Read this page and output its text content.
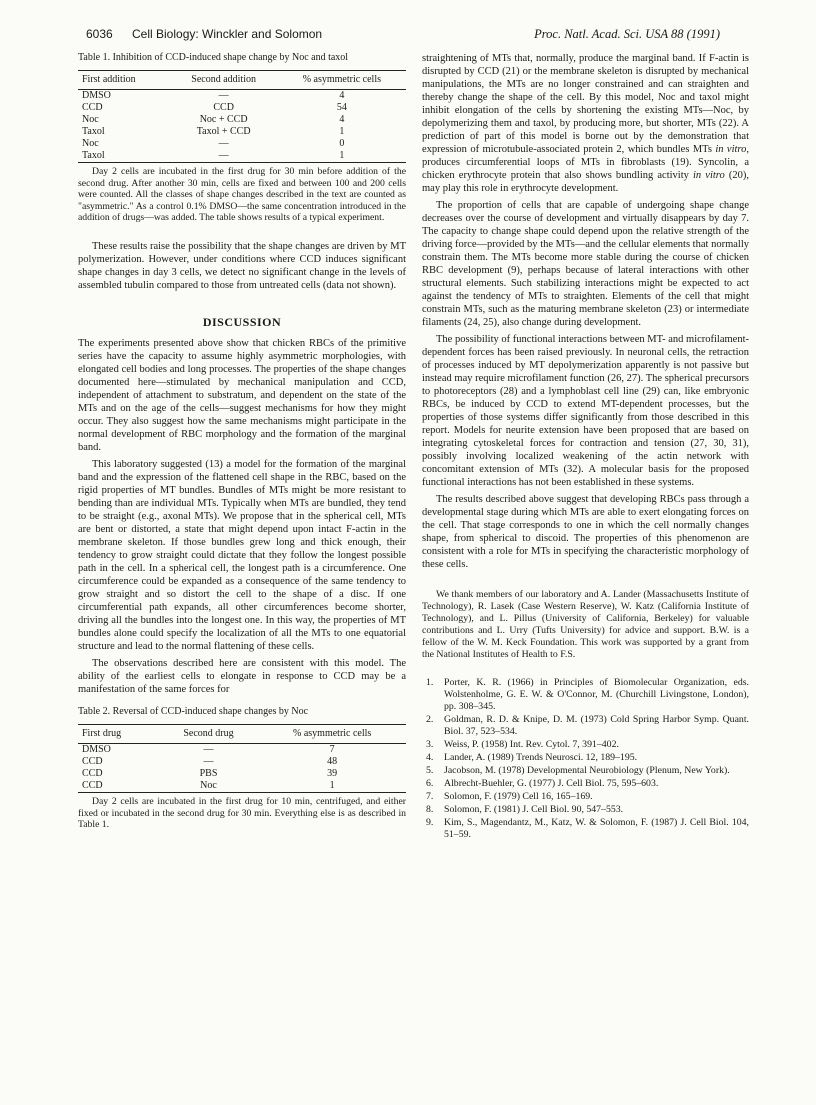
6036 Cell Biology: Winckler and Solomon	Proc. Natl. Acad. Sci. USA 88 (1991)
Table 1. Inhibition of CCD-induced shape change by Noc and taxol
First addition	Second addition	% asymmetric cells
DMSO	—	4
CCD	CCD	54
Noc	Noc + CCD	4
Taxol	Taxol + CCD	1
Noc	—	0
Taxol	—	1

Day 2 cells are incubated in the first drug for 30 min before addition of the second drug. After another 30 min, cells are fixed and between 100 and 200 cells were counted. All the classes of shape changes described in the text are counted as "asymmetric." As a control 0.1% DMSO—the same concentration introduced in the addition of drugs—was added. The table shows results of a typical experiment.

These results raise the possibility that the shape changes are driven by MT polymerization. However, under conditions where CCD induces significant shape changes in day 3 cells, we detect no significant change in the levels of assembled tubulin compared to those from untreated cells (data not shown).

DISCUSSION

The experiments presented above show that chicken RBCs of the primitive series have the capacity to assume highly asymmetric morphologies, with elongated cell bodies and long processes. The properties of the shape changes documented here—stimulated by mechanical manipulation and CCD, independent of attachment to substratum, and dependent on the state of the MTs and on the age of the cells—suggest mechanisms for how they might occur. They also suggest how the same mechanisms might participate in the normal development of RBC morphology and the formation of the marginal band.

This laboratory suggested (13) a model for the formation of the marginal band and the expression of the flattened cell shape in the RBC, based on the rigid properties of MT bundles. Bundles of MTs might be more resistant to bending than are individual MTs. Typically when MTs are bundled, they tend to be straight (e.g., axonal MTs). We propose that in the spherical cell, MTs are bent or distorted, a state that might depend upon intact F-actin in the membrane skeleton. If those bundles grew long and thick enough, their tendency to grow straight could dictate that they follow the longest possible path in the cell. In a spherical cell, the longest path is a circumference. One circumference could be expanded as a consequence of the same tendency to grow straight and so distort the cell to the shape of a disc. If one circumferential path expands, all other circumferences become shorter, driving all the bundles into the longest one. In this way, the properties of MT bundles alone could specify the localization of all the MTs to one equatorial structure and lead to the normal flattening of these cells.

The observations described here are consistent with this model. The ability of the earliest cells to elongate in response to CCD may be a manifestation of the same forces for

Table 2. Reversal of CCD-induced shape changes by Noc
First drug	Second drug	% asymmetric cells
DMSO	—	7
CCD	—	48
CCD	PBS	39
CCD	Noc	1

Day 2 cells are incubated in the first drug for 10 min, centrifuged, and either fixed or incubated in the second drug for 30 min. Everything else is as described in Table 1.

straightening of MTs that, normally, produce the marginal band. If F-actin is disrupted by CCD (21) or the membrane skeleton is disrupted by mechanical manipulations, the MTs are no longer constrained and can straighten and thereby change the shape of the cell. By this model, Noc and taxol might inhibit elongation of the cells by shortening the existing MTs—Noc, by depolymerizing them and taxol, by producing more, but shorter, MTs (22). A prediction of part of this model is borne out by the demonstration that expression of microtubule-associated protein 2, which bundles MTs in vitro, produces circumferential loops of MTs in fibroblasts (19). Syncolin, a chicken erythrocyte protein that also shows bundling activity in vitro (20), may play this role in erythrocyte development.

The proportion of cells that are capable of undergoing shape change decreases over the course of development and virtually disappears by day 7. The capacity to change shape could depend upon the relative strength of the driving force—provided by the MTs—and the cellular elements that normally constrain them. The MTs become more stable during the course of chicken RBC development (9), perhaps because of lateral interactions with other structural elements. Such stabilizing interactions might be expected to act against the tendency of MTs to straighten. Elements of the cell that might constrain MTs, such as the maturing membrane skeleton (23) or intermediate filaments (24, 25), also change during development.

The possibility of functional interactions between MT- and microfilament-dependent forces has been raised previously. In neuronal cells, the retraction of processes induced by MT depolymerization apparently is not passive but instead may require microfilament function (26, 27). The spherical precursors to photoreceptors (28) and a lymphoblast cell line (29) can, like embryonic RBCs, be induced by CCD to extend MT-dependent processes, but the properties of those systems differ significantly from those described in this report. Models for neurite extension have been proposed that are based on integrating cytoskeletal forces for contraction and tension (27, 30, 31), possibly involving localized weakening of the actin network with concomitant extension of MTs (32). A molecular basis for the proposed functional interactions has not been established in these systems.

The results described above suggest that developing RBCs pass through a developmental stage during which MTs are able to exert elongating forces on the cell. That stage corresponds to one in which the cell normally changes shape, from spherical to discoid. The properties of this phenomenon are consistent with a role for MTs in specifying the characteristic morphology of these cells.

We thank members of our laboratory and A. Lander (Massachusetts Institute of Technology), R. Lasek (Case Western Reserve), W. Katz (California Institute of Technology), and L. Pillus (University of California, Berkeley) for valuable contributions and L. Urry (Tufts University) for advice and support. B.W. is a fellow of the W. M. Keck Foundation. This work was supported by a grant from the National Institutes of Health to F.S.

1. Porter, K. R. (1966) in Principles of Biomolecular Organization, eds. Wolstenholme, G. E. W. & O'Connor, M. (Churchill Livingstone, London), pp. 308–345.
2. Goldman, R. D. & Knipe, D. M. (1973) Cold Spring Harbor Symp. Quant. Biol. 37, 523–534.
3. Weiss, P. (1958) Int. Rev. Cytol. 7, 391–402.
4. Lander, A. (1989) Trends Neurosci. 12, 189–195.
5. Jacobson, M. (1978) Developmental Neurobiology (Plenum, New York).
6. Albrecht-Buehler, G. (1977) J. Cell Biol. 75, 595–603.
7. Solomon, F. (1979) Cell 16, 165–169.
8. Solomon, F. (1981) J. Cell Biol. 90, 547–553.
9. Kim, S., Magendantz, M., Katz, W. & Solomon, F. (1987) J. Cell Biol. 104, 51–59.
